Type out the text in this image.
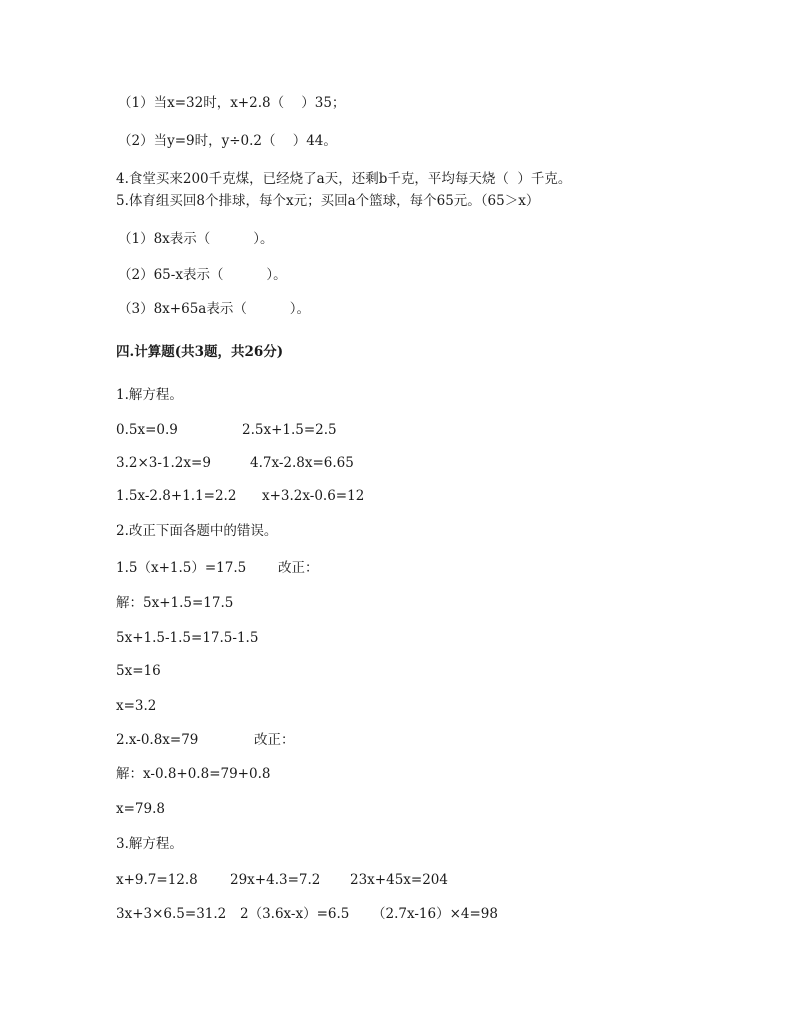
（1）当x=32时，x+2.8（    ）35；
（2）当y=9时，y÷0.2（    ）44。
4.食堂买来200千克煤，已经烧了a天，还剩b千克，平均每天烧（  ）千克。
5.体育组买回8个排球，每个x元；买回a个篮球，每个65元。（65＞x）
（1）8x表示（          ）。
（2）65-x表示（          ）。
（3）8x+65a表示（          ）。
四.计算题(共3题，共26分)
1.解方程。
0.5x=0.9	2.5x+1.5=2.5
3.2×3-1.2x=9	4.7x-2.8x=6.65
1.5x-2.8+1.1=2.2 x+3.2x-0.6=12
2.改正下面各题中的错误。
1.5（x+1.5）=17.5 改正：
解：5x+1.5=17.5
5x+1.5-1.5=17.5-1.5
5x=16
x=3.2
2.x-0.8x=79	改正：
解：x-0.8+0.8=79+0.8
x=79.8
3.解方程。
x+9.7=12.8 29x+4.3=7.2 23x+45x=204
3x+3×6.5=31.2 2（3.6x-x）=6.5 （2.7x-16）×4=98
